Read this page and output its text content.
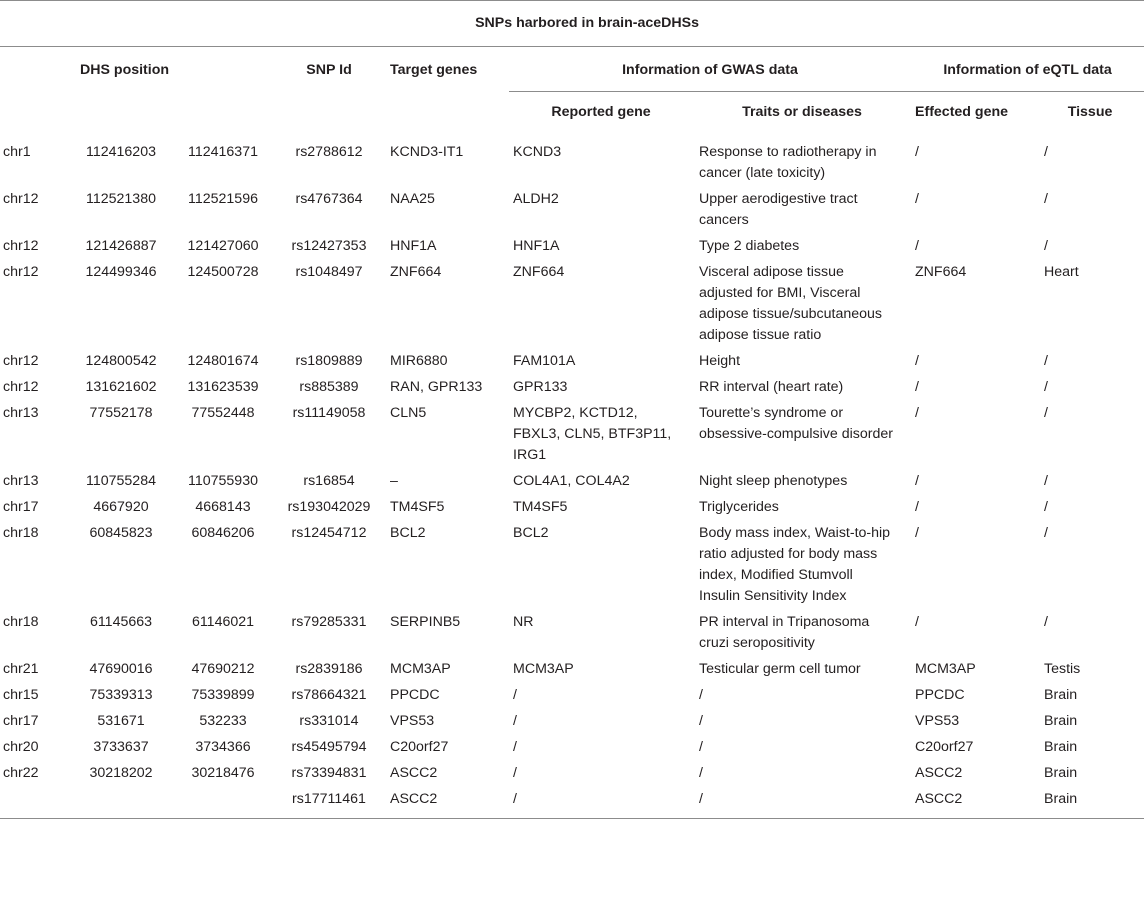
SNPs harbored in brain-aceDHSs								
	DHS position		SNP Id	Target genes	Information of GWAS data		Information of eQTL data	
					Reported gene	Traits or diseases	Effected gene	Tissue
chr1	112416203	112416371	rs2788612	KCND3-IT1	KCND3	Response to radiotherapy in cancer (late toxicity)	/	/
chr12	112521380	112521596	rs4767364	NAA25	ALDH2	Upper aerodigestive tract cancers	/	/
chr12	121426887	121427060	rs12427353	HNF1A	HNF1A	Type 2 diabetes	/	/
chr12	124499346	124500728	rs1048497	ZNF664	ZNF664	Visceral adipose tissue adjusted for BMI, Visceral adipose tissue/subcutaneous adipose tissue ratio	ZNF664	Heart
chr12	124800542	124801674	rs1809889	MIR6880	FAM101A	Height	/	/
chr12	131621602	131623539	rs885389	RAN, GPR133	GPR133	RR interval (heart rate)	/	/
chr13	77552178	77552448	rs11149058	CLN5	MYCBP2, KCTD12, FBXL3, CLN5, BTF3P11, IRG1	Tourette’s syndrome or obsessive-compulsive disorder	/	/
chr13	110755284	110755930	rs16854	–	COL4A1, COL4A2	Night sleep phenotypes	/	/
chr17	4667920	4668143	rs193042029	TM4SF5	TM4SF5	Triglycerides	/	/
chr18	60845823	60846206	rs12454712	BCL2	BCL2	Body mass index, Waist-to-hip ratio adjusted for body mass index, Modified Stumvoll Insulin Sensitivity Index	/	/
chr18	61145663	61146021	rs79285331	SERPINB5	NR	PR interval in Tripanosoma cruzi seropositivity	/	/
chr21	47690016	47690212	rs2839186	MCM3AP	MCM3AP	Testicular germ cell tumor	MCM3AP	Testis
chr15	75339313	75339899	rs78664321	PPCDC	/	/	PPCDC	Brain
chr17	531671	532233	rs331014	VPS53	/	/	VPS53	Brain
chr20	3733637	3734366	rs45495794	C20orf27	/	/	C20orf27	Brain
chr22	30218202	30218476	rs73394831	ASCC2	/	/	ASCC2	Brain
			rs17711461	ASCC2	/	/	ASCC2	Brain
